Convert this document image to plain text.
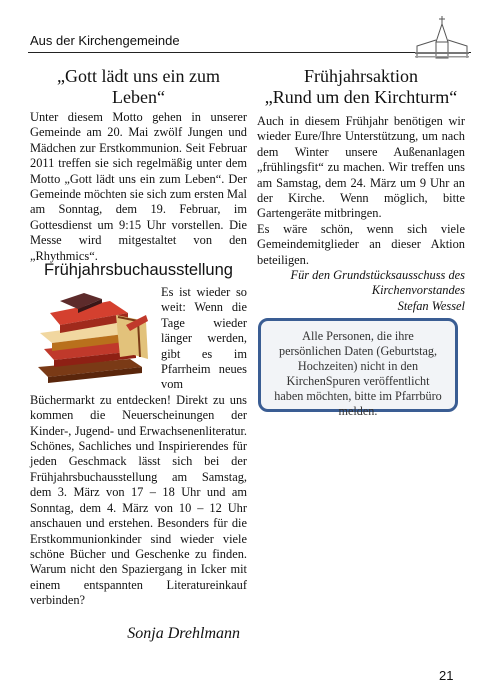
Aus der Kirchengemeinde
„Gott lädt uns ein zum Leben“

Unter diesem Motto gehen in unserer Gemeinde am 20. Mai zwölf Jungen und Mädchen zur Erstkommunion. Seit Februar 2011 treffen sie sich regelmäßig unter dem Motto „Gott lädt uns ein zum Leben“. Der Gemeinde möchten sie sich zum ersten Mal am Sonntag, dem 19. Februar, im Gottesdienst um 9:15 Uhr vorstellen. Die Messe wird mitgestaltet von den „Rhythmics“.

Frühjahrsbuchausstellung

Es ist wieder so weit: Wenn die Tage wieder länger werden, gibt es im Pfarrheim neues vom Büchermarkt zu entdecken! Direkt zu uns kommen die Neuerscheinungen der Kinder-, Jugend- und Erwachsenenliteratur. Schönes, Sachliches und Inspirierendes für jeden Geschmack lässt sich bei der Frühjahrsbuchausstellung am Samstag, dem 3. März von 17 – 18 Uhr und am Sonntag, dem 4. März von 10 – 12 Uhr anschauen und erstehen. Besonders für die Erstkommunionkinder sind wieder viele schöne Bücher und Geschenke zu finden. Warum nicht den Spaziergang in Icker mit einem entspannten Literatureinkauf verbinden?

Sonja Drehlmann
Frühjahrsaktion
„Rund um den Kirchturm“

Auch in diesem Frühjahr benötigen wir wieder Eure/Ihre Unterstützung, um nach dem Winter unsere Außenanlagen „frühlingsfit“ zu machen. Wir treffen uns am Samstag, dem 24. März um 9 Uhr an der Kirche. Wenn möglich, bitte Gartengeräte mitbringen.

Es wäre schön, wenn sich viele Gemeindemitglieder an dieser Aktion beteiligen.

Für den Grundstücksausschuss des Kirchenvorstandes

Stefan Wessel

Alle Personen, die ihre persönlichen Daten (Geburtstag, Hochzeiten) nicht in den KirchenSpuren veröffentlicht haben möchten, bitte im Pfarrbüro melden.
21
